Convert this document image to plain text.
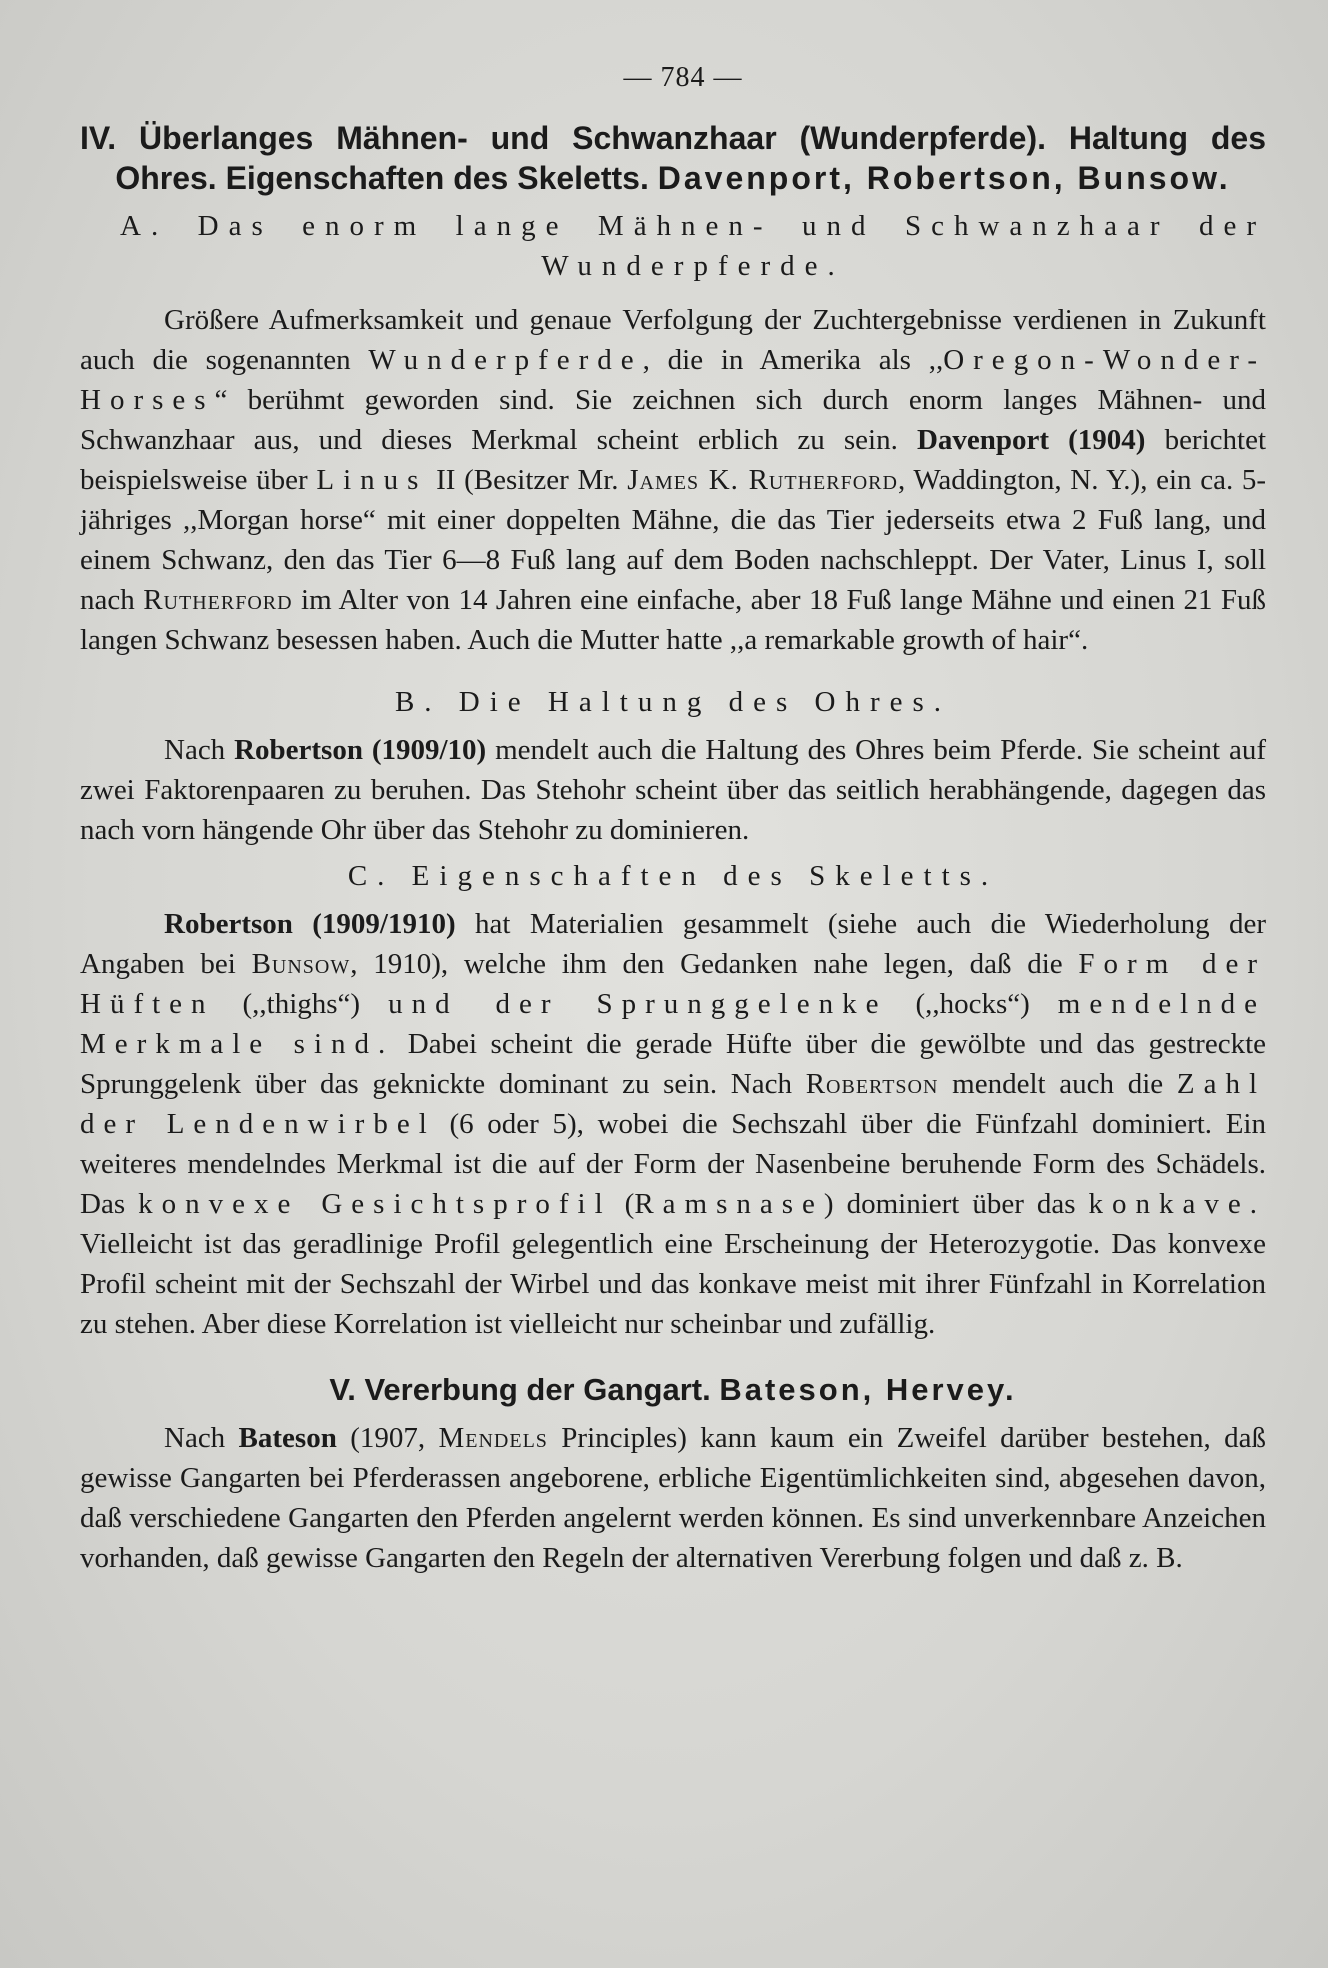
— 784 —
IV. Überlanges Mähnen- und Schwanzhaar (Wunderpferde). Haltung des Ohres. Eigenschaften des Skeletts. Davenport, Robertson, Bunsow.
A. Das enorm lange Mähnen- und Schwanzhaar der Wunderpferde.

Größere Aufmerksamkeit und genaue Verfolgung der Zuchtergebnisse verdienen in Zukunft auch die sogenannten Wunderpferde, die in Amerika als ,,Oregon-Wonder-Horses“ berühmt geworden sind. Sie zeichnen sich durch enorm langes Mähnen- und Schwanzhaar aus, und dieses Merkmal scheint erblich zu sein. Davenport (1904) berichtet beispielsweise über Linus II (Besitzer Mr. James K. Rutherford, Waddington, N. Y.), ein ca. 5-jähriges ,,Morgan horse“ mit einer doppelten Mähne, die das Tier jederseits etwa 2 Fuß lang, und einem Schwanz, den das Tier 6—8 Fuß lang auf dem Boden nachschleppt. Der Vater, Linus I, soll nach Rutherford im Alter von 14 Jahren eine einfache, aber 18 Fuß lange Mähne und einen 21 Fuß langen Schwanz besessen haben. Auch die Mutter hatte ,,a remarkable growth of hair“.

B. Die Haltung des Ohres.

Nach Robertson (1909/10) mendelt auch die Haltung des Ohres beim Pferde. Sie scheint auf zwei Faktorenpaaren zu beruhen. Das Stehohr scheint über das seitlich herabhängende, dagegen das nach vorn hängende Ohr über das Stehohr zu dominieren.

C. Eigenschaften des Skeletts.

Robertson (1909/1910) hat Materialien gesammelt (siehe auch die Wiederholung der Angaben bei Bunsow, 1910), welche ihm den Gedanken nahe legen, daß die Form der Hüften (,,thighs“) und der Sprunggelenke (,,hocks“) mendelnde Merkmale sind. Dabei scheint die gerade Hüfte über die gewölbte und das gestreckte Sprunggelenk über das geknickte dominant zu sein. Nach Robertson mendelt auch die Zahl der Lendenwirbel (6 oder 5), wobei die Sechszahl über die Fünfzahl dominiert. Ein weiteres mendelndes Merkmal ist die auf der Form der Nasenbeine beruhende Form des Schädels. Das konvexe Gesichtsprofil (Ramsnase) dominiert über das konkave. Vielleicht ist das geradlinige Profil gelegentlich eine Erscheinung der Heterozygotie. Das konvexe Profil scheint mit der Sechszahl der Wirbel und das konkave meist mit ihrer Fünfzahl in Korrelation zu stehen. Aber diese Korrelation ist vielleicht nur scheinbar und zufällig.

V. Vererbung der Gangart. Bateson, Hervey.

Nach Bateson (1907, Mendels Principles) kann kaum ein Zweifel darüber bestehen, daß gewisse Gangarten bei Pferderassen angeborene, erbliche Eigentümlichkeiten sind, abgesehen davon, daß verschiedene Gangarten den Pferden angelernt werden können. Es sind unverkennbare Anzeichen vorhanden, daß gewisse Gangarten den Regeln der alternativen Vererbung folgen und daß z. B.
